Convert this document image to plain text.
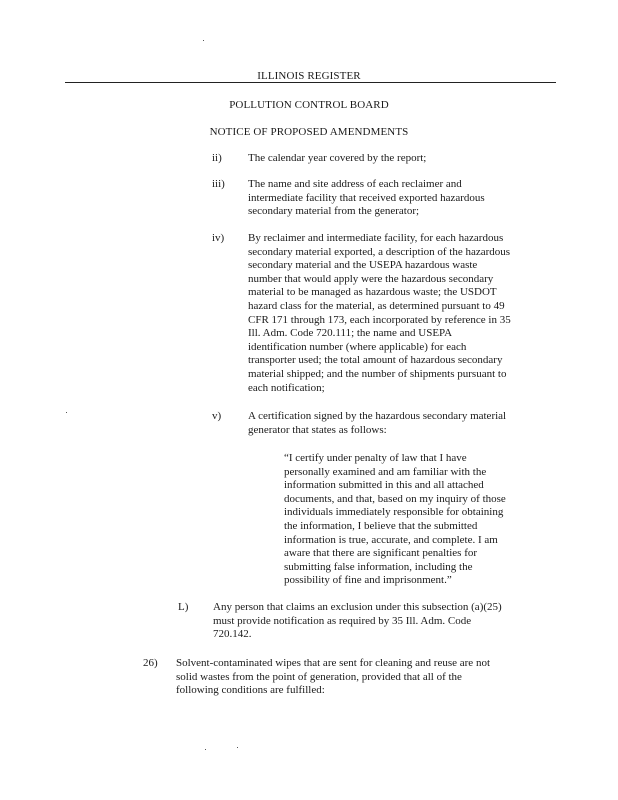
ILLINOIS REGISTER
POLLUTION CONTROL BOARD
NOTICE OF PROPOSED AMENDMENTS
ii) The calendar year covered by the report;
iii) The name and site address of each reclaimer and
intermediate facility that received exported hazardous
secondary material from the generator;
iv) By reclaimer and intermediate facility, for each hazardous
secondary material exported, a description of the hazardous
secondary material and the USEPA hazardous waste
number that would apply were the hazardous secondary
material to be managed as hazardous waste; the USDOT
hazard class for the material, as determined pursuant to 49
CFR 171 through 173, each incorporated by reference in 35
Ill. Adm. Code 720.111; the name and USEPA
identification number (where applicable) for each
transporter used; the total amount of hazardous secondary
material shipped; and the number of shipments pursuant to
each notification;
v) A certification signed by the hazardous secondary material
generator that states as follows:
“I certify under penalty of law that I have
personally examined and am familiar with the
information submitted in this and all attached
documents, and that, based on my inquiry of those
individuals immediately responsible for obtaining
the information, I believe that the submitted
information is true, accurate, and complete. I am
aware that there are significant penalties for
submitting false information, including the
possibility of fine and imprisonment.”
L) Any person that claims an exclusion under this subsection (a)(25)
must provide notification as required by 35 Ill. Adm. Code
720.142.
26) Solvent-contaminated wipes that are sent for cleaning and reuse are not
solid wastes from the point of generation, provided that all of the
following conditions are fulfilled:
